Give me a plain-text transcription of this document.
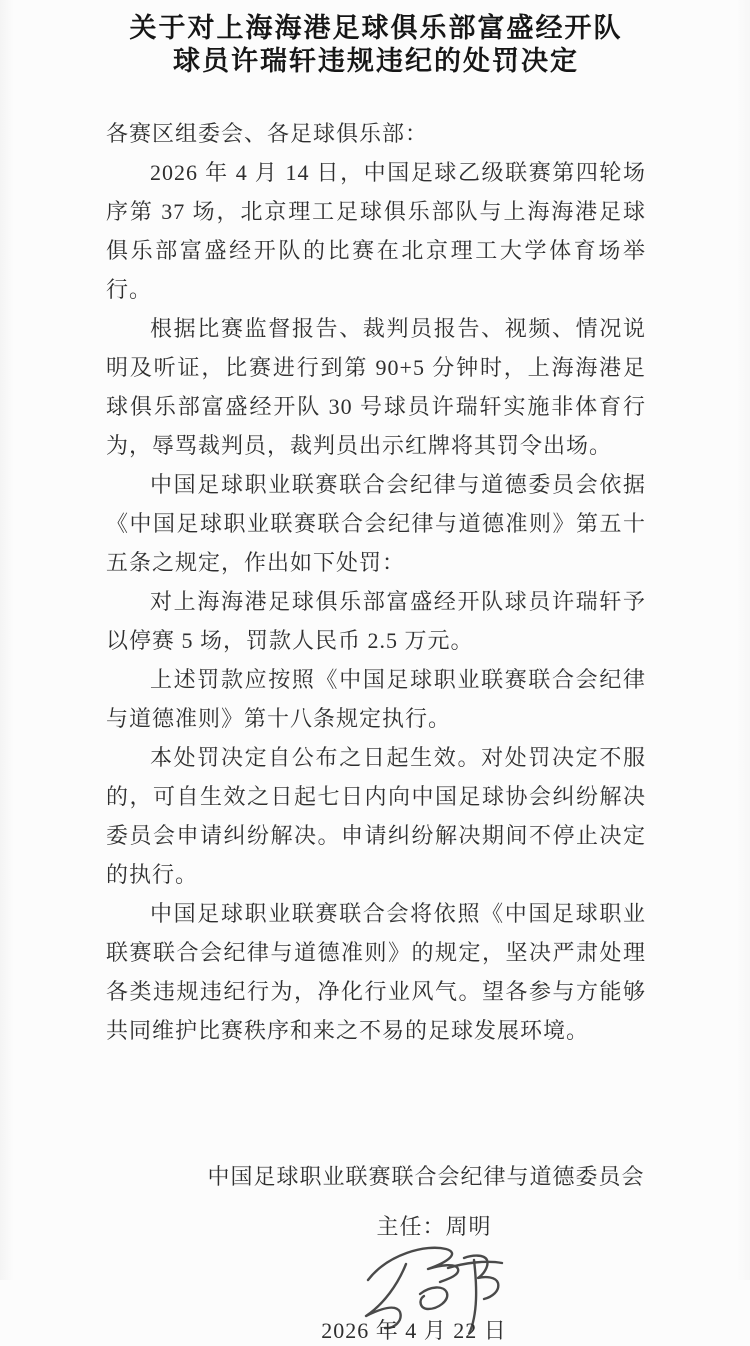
关于对上海海港足球俱乐部富盛经开队
球员许瑞轩违规违纪的处罚决定

各赛区组委会、各足球俱乐部：

2026 年 4 月 14 日，中国足球乙级联赛第四轮场序第 37 场，北京理工足球俱乐部队与上海海港足球俱乐部富盛经开队的比赛在北京理工大学体育场举行。

根据比赛监督报告、裁判员报告、视频、情况说明及听证，比赛进行到第 90+5 分钟时，上海海港足球俱乐部富盛经开队 30 号球员许瑞轩实施非体育行为，辱骂裁判员，裁判员出示红牌将其罚令出场。

中国足球职业联赛联合会纪律与道德委员会依据《中国足球职业联赛联合会纪律与道德准则》第五十五条之规定，作出如下处罚：

对上海海港足球俱乐部富盛经开队球员许瑞轩予以停赛 5 场，罚款人民币 2.5 万元。

上述罚款应按照《中国足球职业联赛联合会纪律与道德准则》第十八条规定执行。

本处罚决定自公布之日起生效。对处罚决定不服的，可自生效之日起七日内向中国足球协会纠纷解决委员会申请纠纷解决。申请纠纷解决期间不停止决定的执行。

中国足球职业联赛联合会将依照《中国足球职业联赛联合会纪律与道德准则》的规定，坚决严肃处理各类违规违纪行为，净化行业风气。望各参与方能够共同维护比赛秩序和来之不易的足球发展环境。

中国足球职业联赛联合会纪律与道德委员会
主任：周明
2026 年 4 月 22 日
